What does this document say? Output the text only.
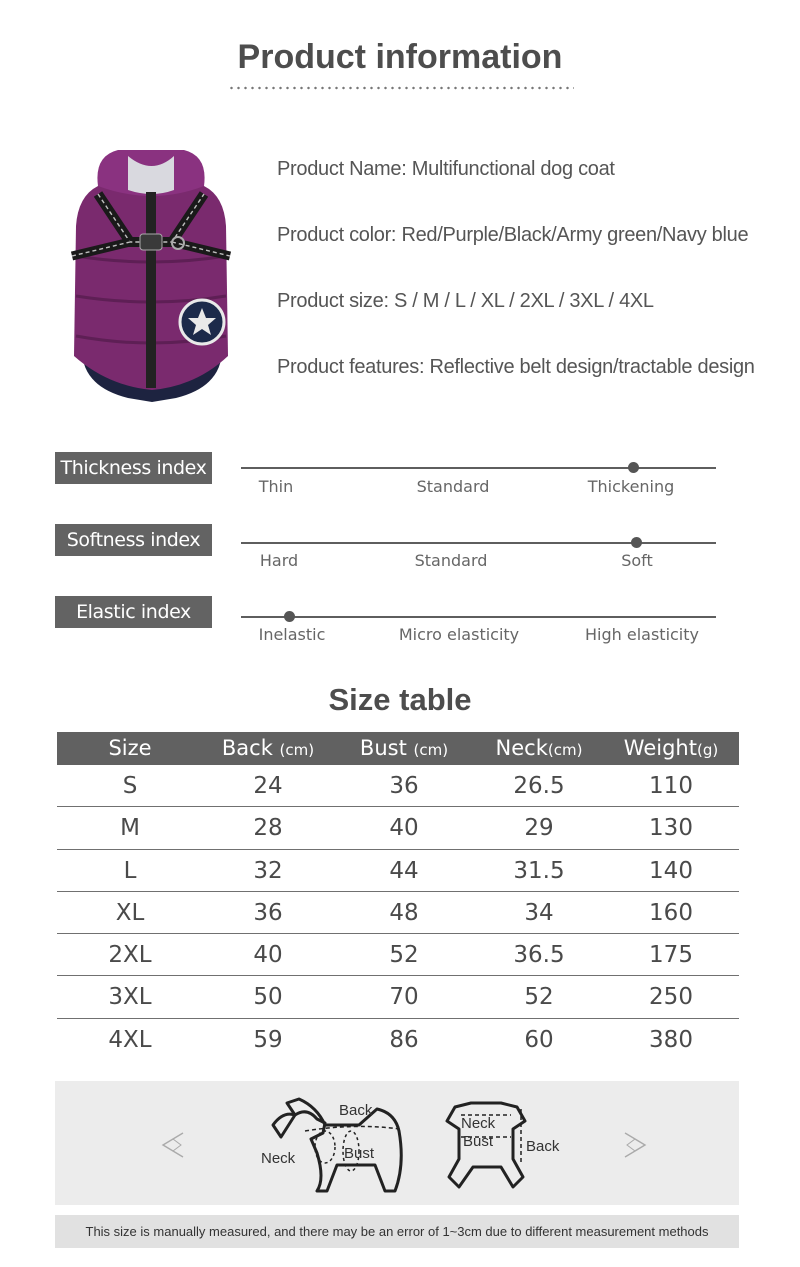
Product information
Product Name: Multifunctional dog coat
Product color: Red/Purple/Black/Army green/Navy blue
Product size: S / M / L / XL / 2XL / 3XL / 4XL
Product features: Reflective belt design/tractable design
Thickness index
Thin	Standard	Thickening
Softness index
Hard	Standard	Soft
Elastic index
Inelastic	Micro elasticity	High elasticity
Size table
Size	Back (cm)	Bust (cm)	Neck(cm)	Weight(g)
S	24	36	26.5	110
M	28	40	29	130
L	32	44	31.5	140
XL	36	48	34	160
2XL	40	52	36.5	175
3XL	50	70	52	250
4XL	59	86	60	380
Back
Neck	Bust
Neck
Bust Back
This size is manually measured, and there may be an error of 1~3cm due to different measurement methods
